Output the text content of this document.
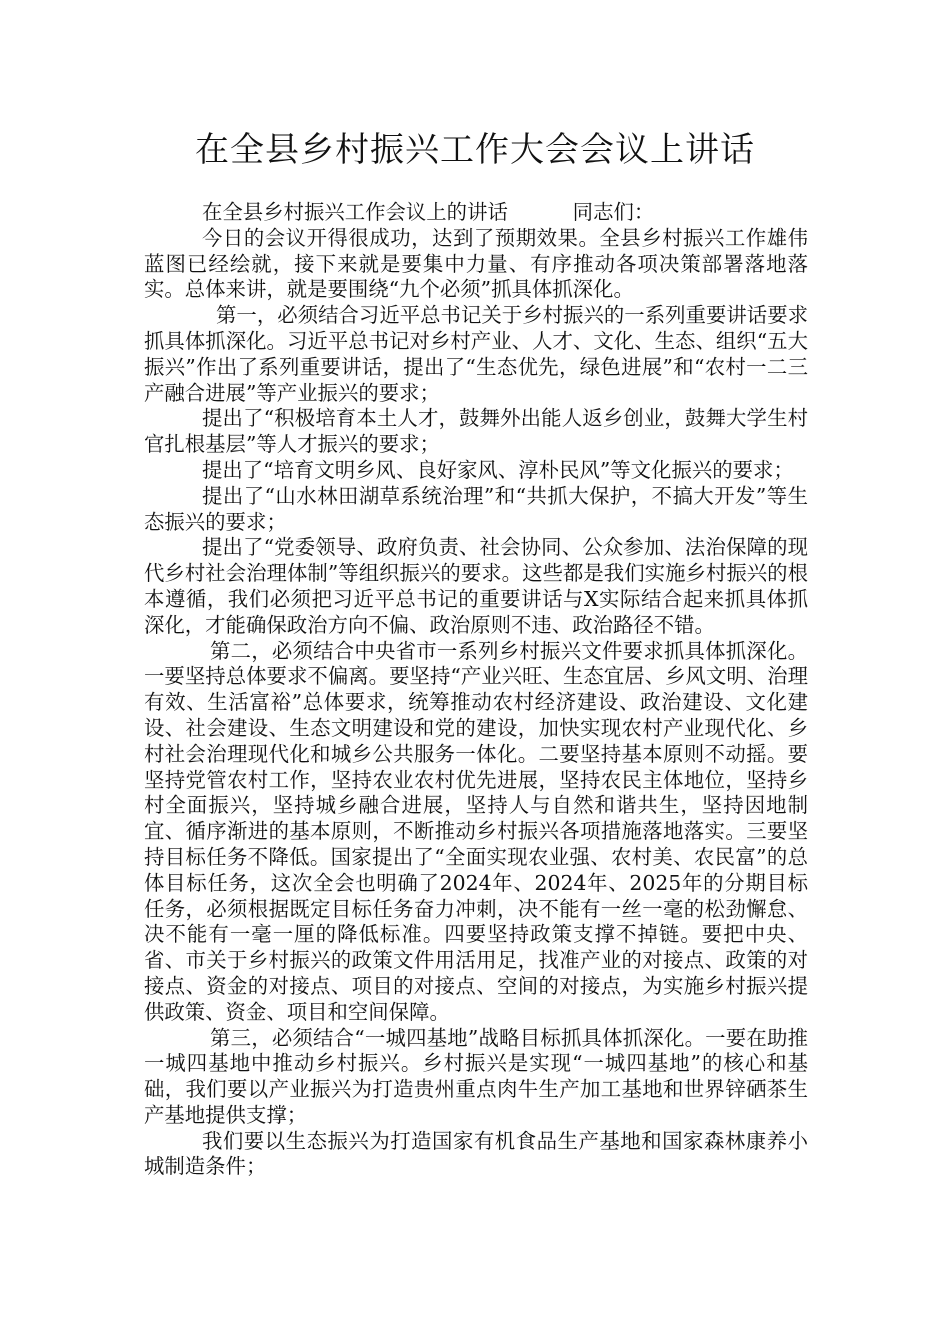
在全县乡村振兴工作大会会议上讲话

在全县乡村振兴工作会议上的讲话          同志们：

今日的会议开得很成功，达到了预期效果。全县乡村振兴工作雄伟蓝图已经绘就，接下来就是要集中力量、有序推动各项决策部署落地落实。总体来讲，就是要围绕“九个必须”抓具体抓深化。

第一，必须结合习近平总书记关于乡村振兴的一系列重要讲话要求抓具体抓深化。习近平总书记对乡村产业、人才、文化、生态、组织“五大振兴”作出了系列重要讲话，提出了“生态优先，绿色进展”和“农村一二三产融合进展”等产业振兴的要求；

提出了“积极培育本土人才，鼓舞外出能人返乡创业，鼓舞大学生村官扎根基层”等人才振兴的要求；

提出了“培育文明乡风、良好家风、淳朴民风”等文化振兴的要求；

提出了“山水林田湖草系统治理”和“共抓大保护，不搞大开发”等生态振兴的要求；

提出了“党委领导、政府负责、社会协同、公众参加、法治保障的现代乡村社会治理体制”等组织振兴的要求。这些都是我们实施乡村振兴的根本遵循，我们必须把习近平总书记的重要讲话与X实际结合起来抓具体抓深化，才能确保政治方向不偏、政治原则不违、政治路径不错。

第二，必须结合中央省市一系列乡村振兴文件要求抓具体抓深化。一要坚持总体要求不偏离。要坚持“产业兴旺、生态宜居、乡风文明、治理有效、生活富裕”总体要求，统筹推动农村经济建设、政治建设、文化建设、社会建设、生态文明建设和党的建设，加快实现农村产业现代化、乡村社会治理现代化和城乡公共服务一体化。二要坚持基本原则不动摇。要坚持党管农村工作，坚持农业农村优先进展，坚持农民主体地位，坚持乡村全面振兴，坚持城乡融合进展，坚持人与自然和谐共生，坚持因地制宜、循序渐进的基本原则，不断推动乡村振兴各项措施落地落实。三要坚持目标任务不降低。国家提出了“全面实现农业强、农村美、农民富”的总体目标任务，这次全会也明确了2024年、2024年、2025年的分期目标任务，必须根据既定目标任务奋力冲刺，决不能有一丝一毫的松劲懈怠、决不能有一毫一厘的降低标准。四要坚持政策支撑不掉链。要把中央、省、市关于乡村振兴的政策文件用活用足，找准产业的对接点、政策的对接点、资金的对接点、项目的对接点、空间的对接点，为实施乡村振兴提供政策、资金、项目和空间保障。

第三，必须结合“一城四基地”战略目标抓具体抓深化。一要在助推一城四基地中推动乡村振兴。乡村振兴是实现“一城四基地”的核心和基础，我们要以产业振兴为打造贵州重点肉牛生产加工基地和世界锌硒茶生产基地提供支撑；

我们要以生态振兴为打造国家有机食品生产基地和国家森林康养小城制造条件；
